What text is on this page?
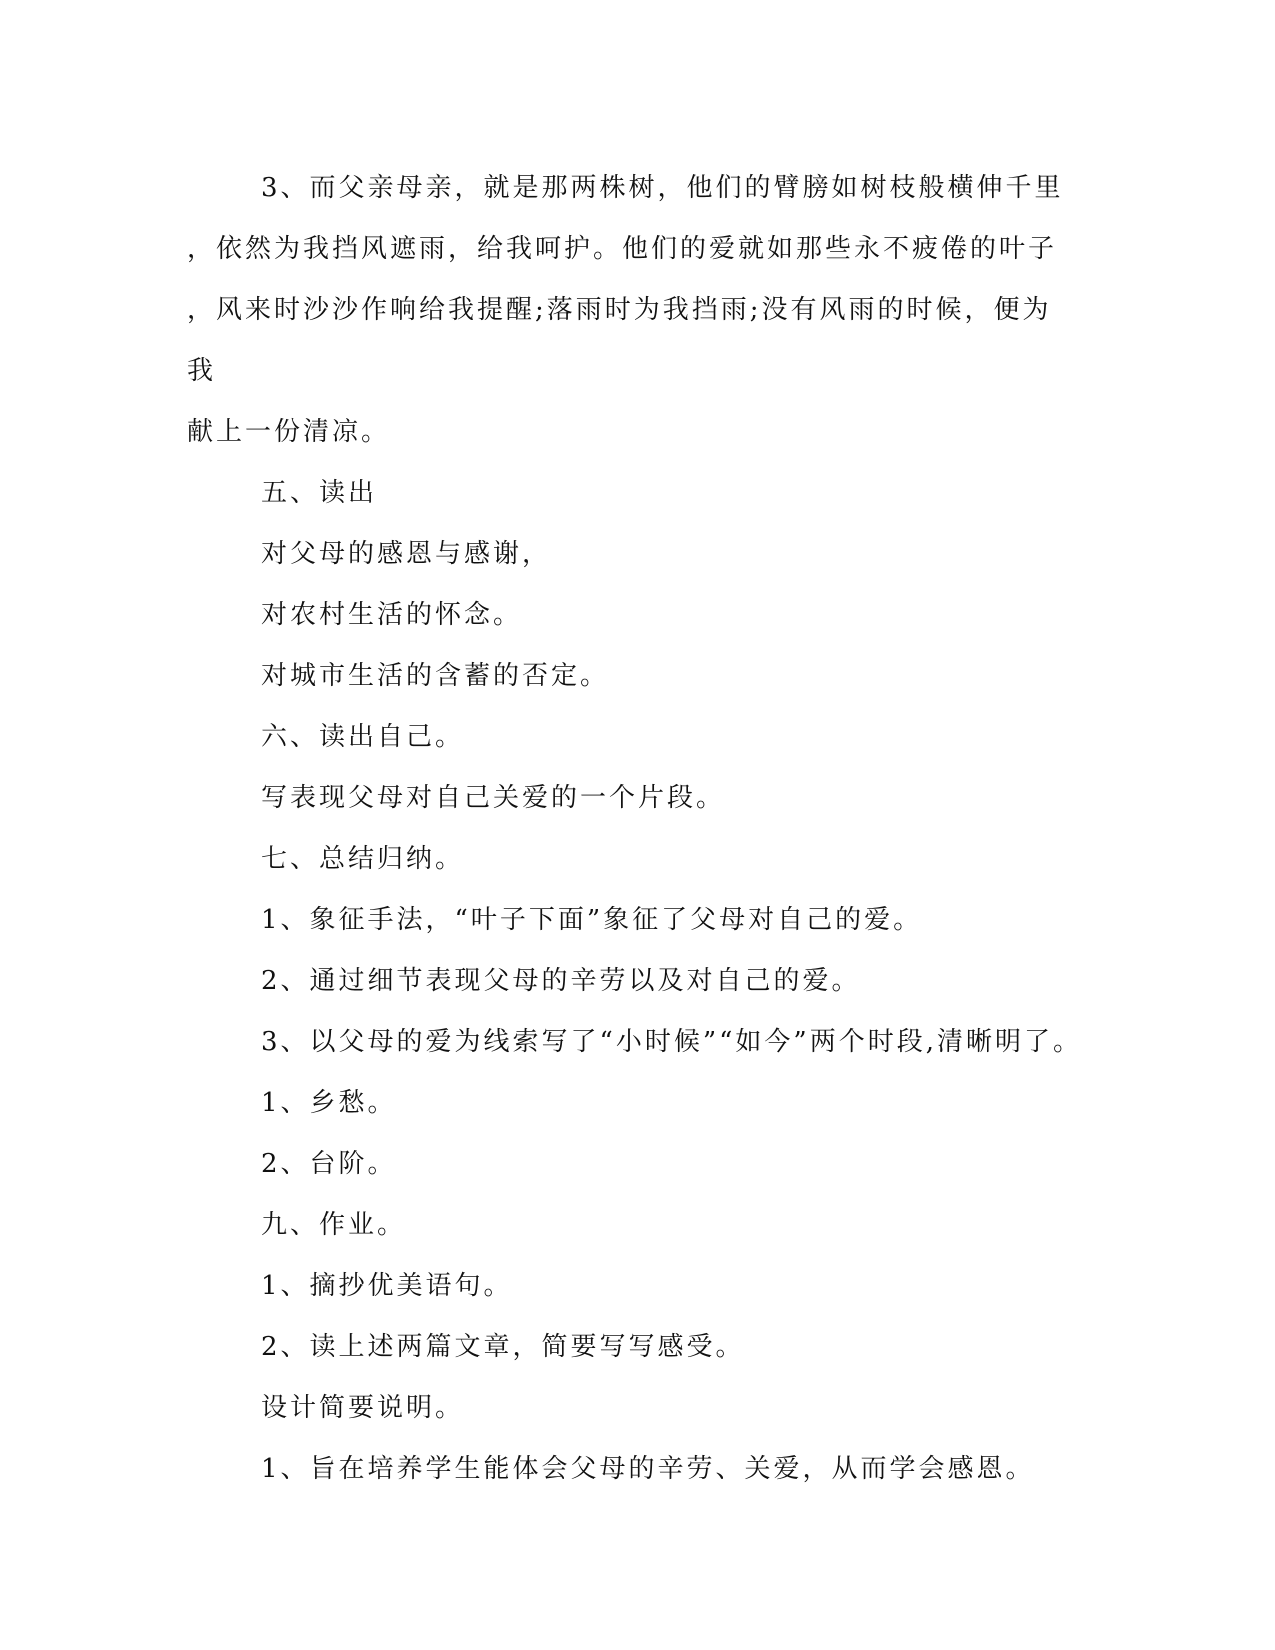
3、而父亲母亲，就是那两株树，他们的臂膀如树枝般横伸千里
，依然为我挡风遮雨，给我呵护。他们的爱就如那些永不疲倦的叶子
，风来时沙沙作响给我提醒;落雨时为我挡雨;没有风雨的时候，便为我
献上一份清凉。

五、读出
对父母的感恩与感谢，
对农村生活的怀念。
对城市生活的含蓄的否定。
六、读出自己。
写表现父母对自己关爱的一个片段。
七、总结归纳。
1、象征手法，“叶子下面”象征了父母对自己的爱。
2、通过细节表现父母的辛劳以及对自己的爱。
3、以父母的爱为线索写了“小时候”“如今”两个时段,清晰明了。
1、乡愁。
2、台阶。
九、作业。
1、摘抄优美语句。
2、读上述两篇文章，简要写写感受。
设计简要说明。
1、旨在培养学生能体会父母的辛劳、关爱，从而学会感恩。
